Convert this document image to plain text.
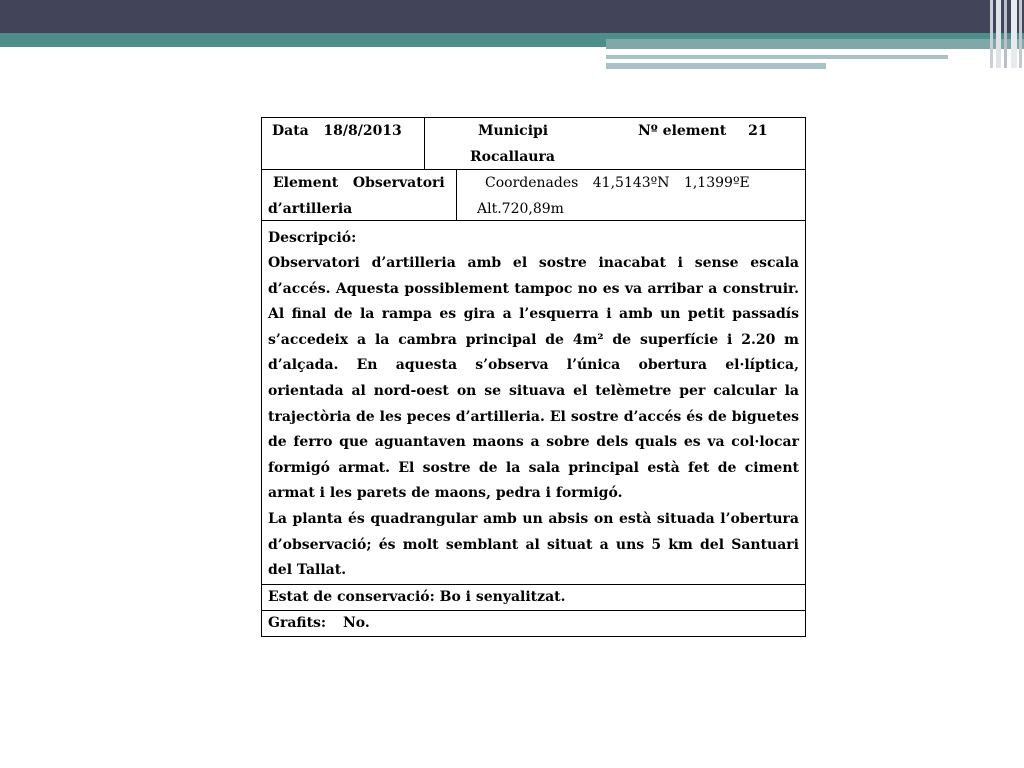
Data 18/8/2013	Municipi	Nº element 21
Rocallaura
Element Observatori
d’artilleria
Coordenades 41,5143ºN 1,1399ºE
Alt.720,89m
Descripció:
Observatori d’artilleria amb el sostre inacabat i sense escala d’accés. Aquesta possiblement tampoc no es va arribar a construir. Al final de la rampa es gira a l’esquerra i amb un petit passadís s’accedeix a la cambra principal de 4m² de superfície i 2.20 m d’alçada. En aquesta s’observa l’única obertura el·líptica, orientada al nord-oest on se situava el telèmetre per calcular la trajectòria de les peces d’artilleria. El sostre d’accés és de biguetes de ferro que aguantaven maons a sobre dels quals es va col·locar formigó armat. El sostre de la sala principal està fet de ciment armat i les parets de maons, pedra i formigó.
La planta és quadrangular amb un absis on està situada l’obertura d’observació; és molt semblant al situat a uns 5 km del Santuari del Tallat.
Estat de conservació: Bo i senyalitzat.
Grafits: No.
